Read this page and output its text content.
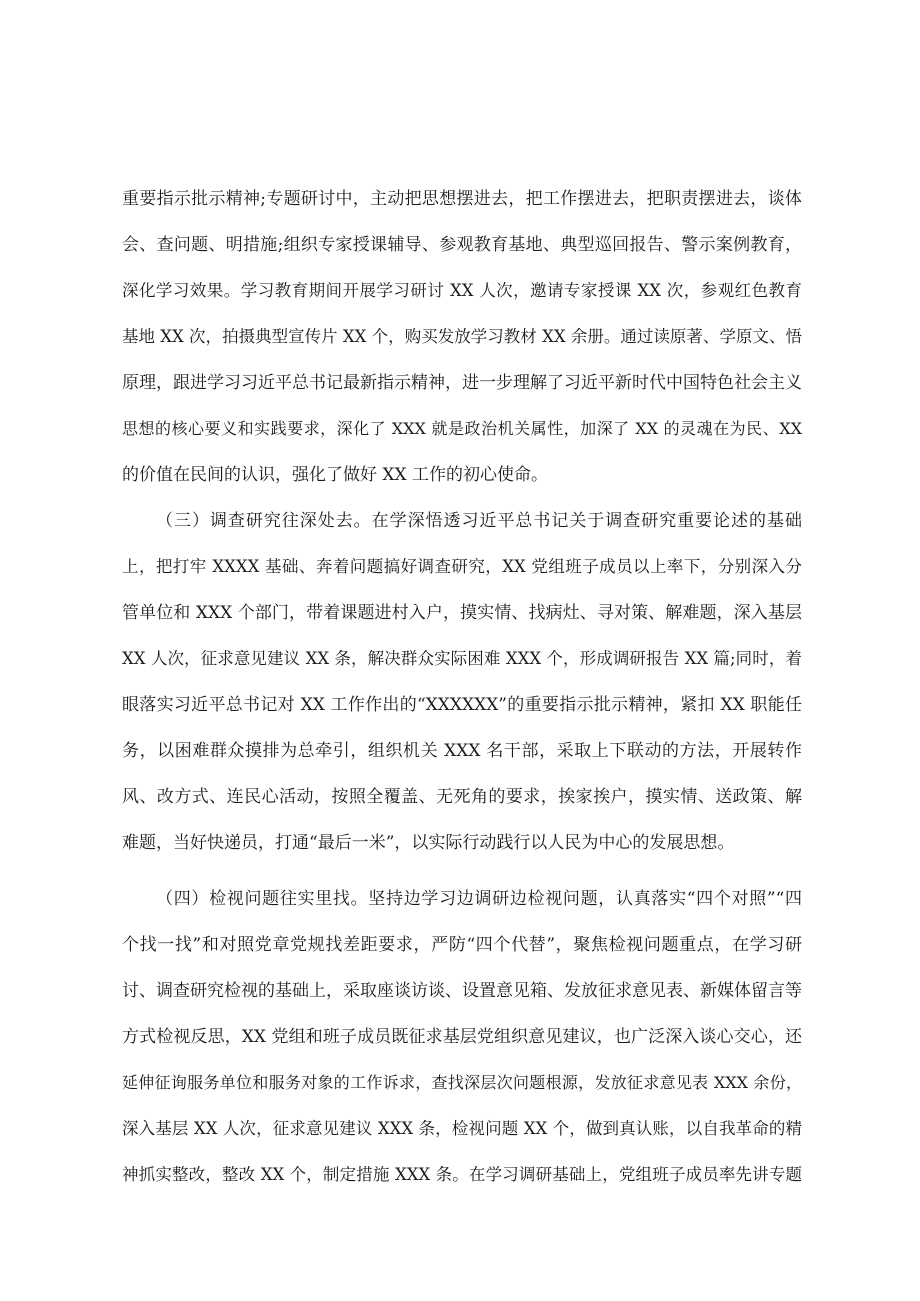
重要指示批示精神;专题研讨中，主动把思想摆进去，把工作摆进去，把职责摆进去，谈体
会、查问题、明措施;组织专家授课辅导、参观教育基地、典型巡回报告、警示案例教育，
深化学习效果。学习教育期间开展学习研讨 XX 人次，邀请专家授课 XX 次，参观红色教育
基地 XX 次，拍摄典型宣传片 XX 个，购买发放学习教材 XX 余册。通过读原著、学原文、悟
原理，跟进学习习近平总书记最新指示精神，进一步理解了习近平新时代中国特色社会主义
思想的核心要义和实践要求，深化了 XXX 就是政治机关属性，加深了 XX 的灵魂在为民、XX
的价值在民间的认识，强化了做好 XX 工作的初心使命。
（三）调查研究往深处去。在学深悟透习近平总书记关于调查研究重要论述的基础
上，把打牢 XXXX 基础、奔着问题搞好调查研究，XX 党组班子成员以上率下，分别深入分
管单位和 XXX 个部门，带着课题进村入户，摸实情、找病灶、寻对策、解难题，深入基层
XX 人次，征求意见建议 XX 条，解决群众实际困难 XXX 个，形成调研报告 XX 篇;同时，着
眼落实习近平总书记对 XX 工作作出的“XXXXXX”的重要指示批示精神，紧扣 XX 职能任
务，以困难群众摸排为总牵引，组织机关 XXX 名干部，采取上下联动的方法，开展转作
风、改方式、连民心活动，按照全覆盖、无死角的要求，挨家挨户，摸实情、送政策、解
难题，当好快递员，打通“最后一米”，以实际行动践行以人民为中心的发展思想。
（四）检视问题往实里找。坚持边学习边调研边检视问题，认真落实“四个对照”“四
个找一找”和对照党章党规找差距要求，严防“四个代替”，聚焦检视问题重点，在学习研
讨、调查研究检视的基础上，采取座谈访谈、设置意见箱、发放征求意见表、新媒体留言等
方式检视反思，XX 党组和班子成员既征求基层党组织意见建议，也广泛深入谈心交心，还
延伸征询服务单位和服务对象的工作诉求，查找深层次问题根源，发放征求意见表 XXX 余份，
深入基层 XX 人次，征求意见建议 XXX 条，检视问题 XX 个，做到真认账，以自我革命的精
神抓实整改，整改 XX 个，制定措施 XXX 条。在学习调研基础上，党组班子成员率先讲专题
